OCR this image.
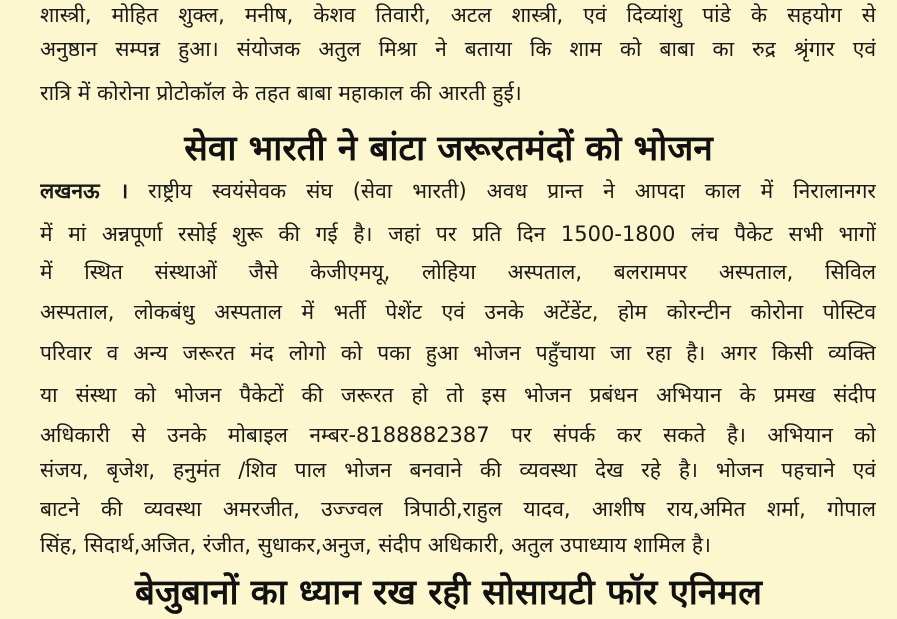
शास्त्री, मोहित शुक्ल, मनीष, केशव तिवारी, अटल शास्त्री, एवं दिव्यांशु पांडे के सहयोग से
अनुष्ठान सम्पन्न हुआ। संयोजक अतुल मिश्रा ने बताया कि शाम को बाबा का रुद्र श्रृंगार एवं
रात्रि में कोरोना प्रोटोकॉल के तहत बाबा महाकाल की आरती हुई।
सेवा भारती ने बांटा जरूरतमंदों को भोजन
लखनऊ । राष्ट्रीय स्वयंसेवक संघ (सेवा भारती) अवध प्रान्त ने आपदा काल में निरालानगर
में मां अन्नपूर्णा रसोई शुरू की गई है। जहां पर प्रति दिन 1500-1800 लंच पैकेट सभी भागों
में स्थित संस्थाओं जैसे केजीएमयू, लोहिया अस्पताल, बलरामपर अस्पताल, सिविल
अस्पताल, लोकबंधु अस्पताल में भर्ती पेशेंट एवं उनके अटेंडेंट, होम कोरन्टीन कोरोना पोस्टिव
परिवार व अन्य जरूरत मंद लोगो को पका हुआ भोजन पहुँचाया जा रहा है। अगर किसी व्यक्ति
या संस्था को भोजन पैकेटों की जरूरत हो तो इस भोजन प्रबंधन अभियान के प्रमख संदीप
अधिकारी से उनके मोबाइल नम्बर-8188882387 पर संपर्क कर सकते है। अभियान को
संजय, बृजेश, हनुमंत /शिव पाल भोजन बनवाने की व्यवस्था देख रहे है। भोजन पहचाने एवं
बाटने की व्यवस्था अमरजीत, उज्ज्वल त्रिपाठी,राहुल यादव, आशीष राय,अमित शर्मा, गोपाल
सिंह, सिदार्थ,अजित, रंजीत, सुधाकर,अनुज, संदीप अधिकारी, अतुल उपाध्याय शामिल है।
बेजुबानों का ध्यान रख रही सोसायटी फॉर एनिमल
